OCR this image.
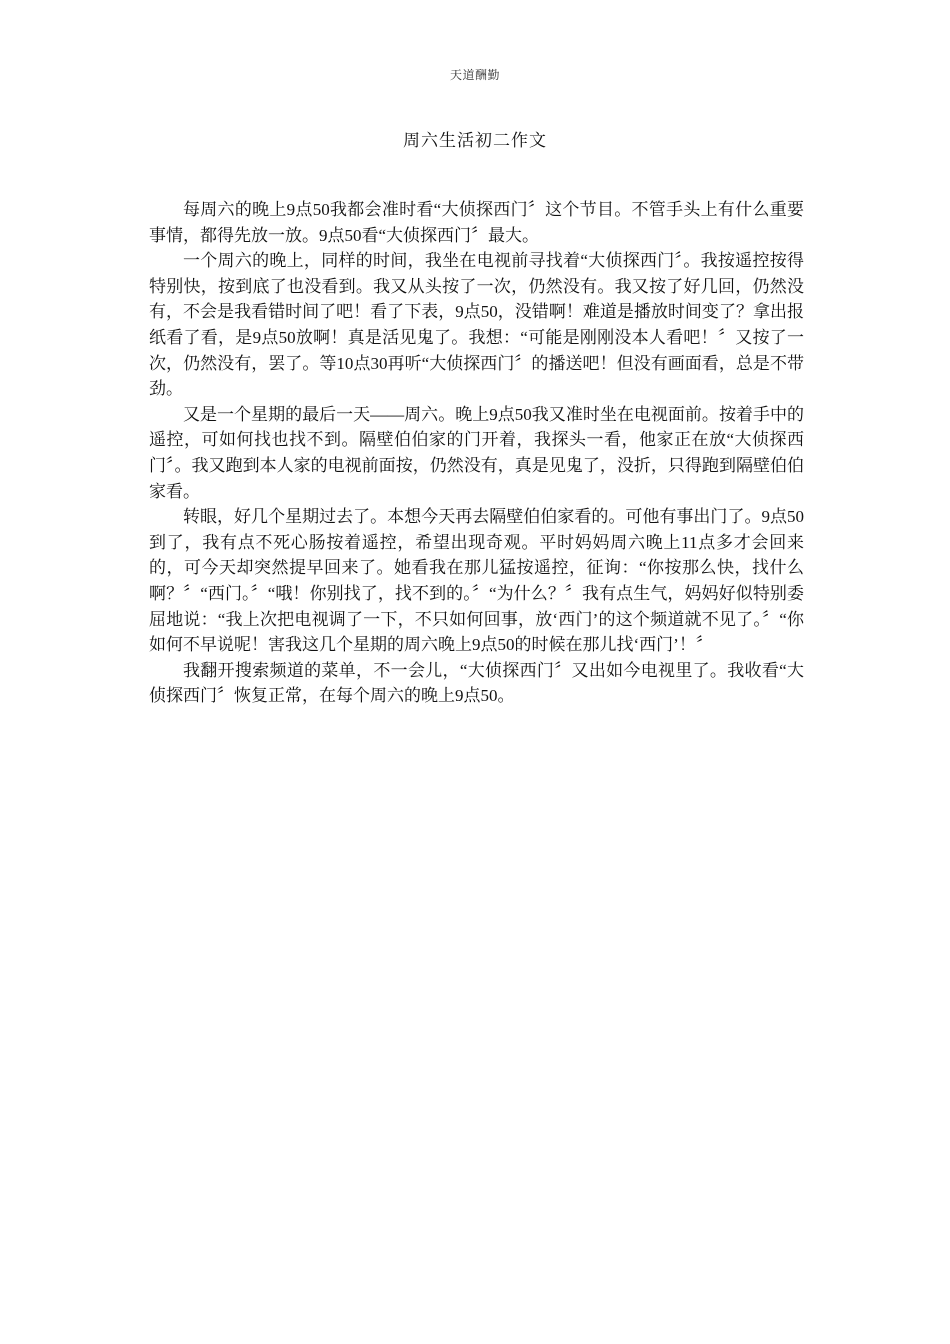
天道酬勤
周六生活初二作文

每周六的晚上9点50我都会准时看“大侦探西门〞这个节目。不管手头上有什么重要事情，都得先放一放。9点50看“大侦探西门〞最大。

一个周六的晚上，同样的时间，我坐在电视前寻找着“大侦探西门〞。我按遥控按得特别快，按到底了也没看到。我又从头按了一次，仍然没有。我又按了好几回，仍然没有，不会是我看错时间了吧！看了下表，9点50，没错啊！难道是播放时间变了？拿出报纸看了看，是9点50放啊！真是活见鬼了。我想：“可能是刚刚没本人看吧！〞又按了一次，仍然没有，罢了。等10点30再听“大侦探西门〞的播送吧！但没有画面看，总是不带劲。

又是一个星期的最后一天——周六。晚上9点50我又准时坐在电视面前。按着手中的遥控，可如何找也找不到。隔壁伯伯家的门开着，我探头一看，他家正在放“大侦探西门〞。我又跑到本人家的电视前面按，仍然没有，真是见鬼了，没折，只得跑到隔壁伯伯家看。

转眼，好几个星期过去了。本想今天再去隔壁伯伯家看的。可他有事出门了。9点50到了，我有点不死心肠按着遥控，希望出现奇观。平时妈妈周六晚上11点多才会回来的，可今天却突然提早回来了。她看我在那儿猛按遥控，征询：“你按那么快，找什么啊？〞“西门。〞“哦！你别找了，找不到的。〞“为什么？〞我有点生气，妈妈好似特别委屈地说：“我上次把电视调了一下，不只如何回事，放‘西门’的这个频道就不见了。〞“你如何不早说呢！害我这几个星期的周六晚上9点50的时候在那儿找‘西门’！〞

我翻开搜索频道的菜单，不一会儿，“大侦探西门〞又出如今电视里了。我收看“大侦探西门〞恢复正常，在每个周六的晚上9点50。
